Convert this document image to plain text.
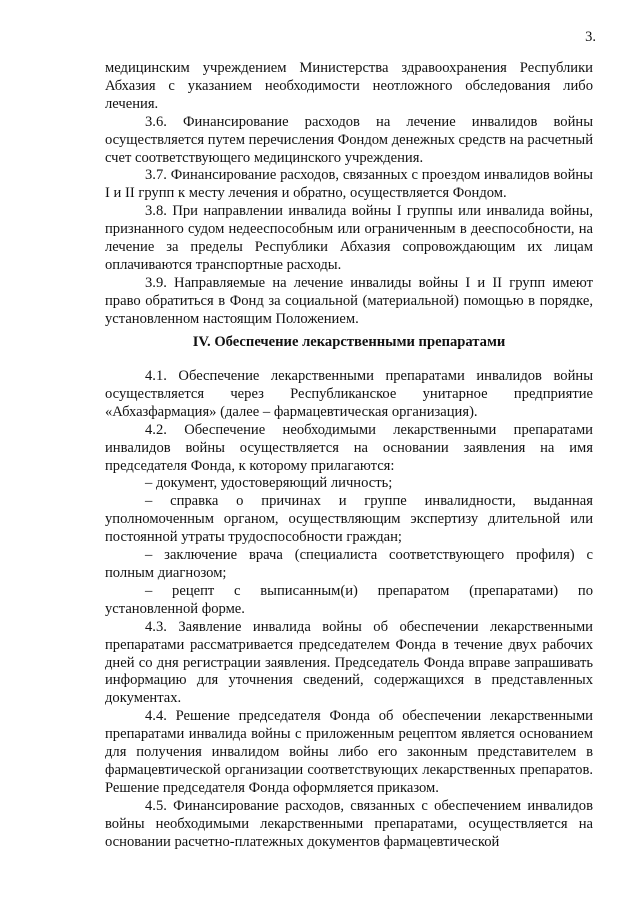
3.

медицинским учреждением Министерства здравоохранения Республики Абхазия с указанием необходимости неотложного обследования либо лечения.

3.6. Финансирование расходов на лечение инвалидов войны осуществляется путем перечисления Фондом денежных средств на расчетный счет соответствующего медицинского учреждения.

3.7. Финансирование расходов, связанных с проездом инвалидов войны I и II групп к месту лечения и обратно, осуществляется Фондом.

3.8. При направлении инвалида войны I группы или инвалида войны, признанного судом недееспособным или ограниченным в дееспособности, на лечение за пределы Республики Абхазия сопровождающим их лицам оплачиваются транспортные расходы.

3.9. Направляемые на лечение инвалиды войны I и II групп имеют право обратиться в Фонд за социальной (материальной) помощью в порядке, установленном настоящим Положением.

IV. Обеспечение лекарственными препаратами

4.1. Обеспечение лекарственными препаратами инвалидов войны осуществляется через Республиканское унитарное предприятие «Абхазфармация» (далее – фармацевтическая организация).

4.2. Обеспечение необходимыми лекарственными препаратами инвалидов войны осуществляется на основании заявления на имя председателя Фонда, к которому прилагаются:

– документ, удостоверяющий личность;

– справка о причинах и группе инвалидности, выданная уполномоченным органом, осуществляющим экспертизу длительной или постоянной утраты трудоспособности граждан;

– заключение врача (специалиста соответствующего профиля) с полным диагнозом;

– рецепт с выписанным(и) препаратом (препаратами) по установленной форме.

4.3. Заявление инвалида войны об обеспечении лекарственными препаратами рассматривается председателем Фонда в течение двух рабочих дней со дня регистрации заявления. Председатель Фонда вправе запрашивать информацию для уточнения сведений, содержащихся в представленных документах.

4.4. Решение председателя Фонда об обеспечении лекарственными препаратами инвалида войны с приложенным рецептом является основанием для получения инвалидом войны либо его законным представителем в фармацевтической организации соответствующих лекарственных препаратов. Решение председателя Фонда оформляется приказом.

4.5. Финансирование расходов, связанных с обеспечением инвалидов войны необходимыми лекарственными препаратами, осуществляется на основании расчетно-платежных документов фармацевтической
